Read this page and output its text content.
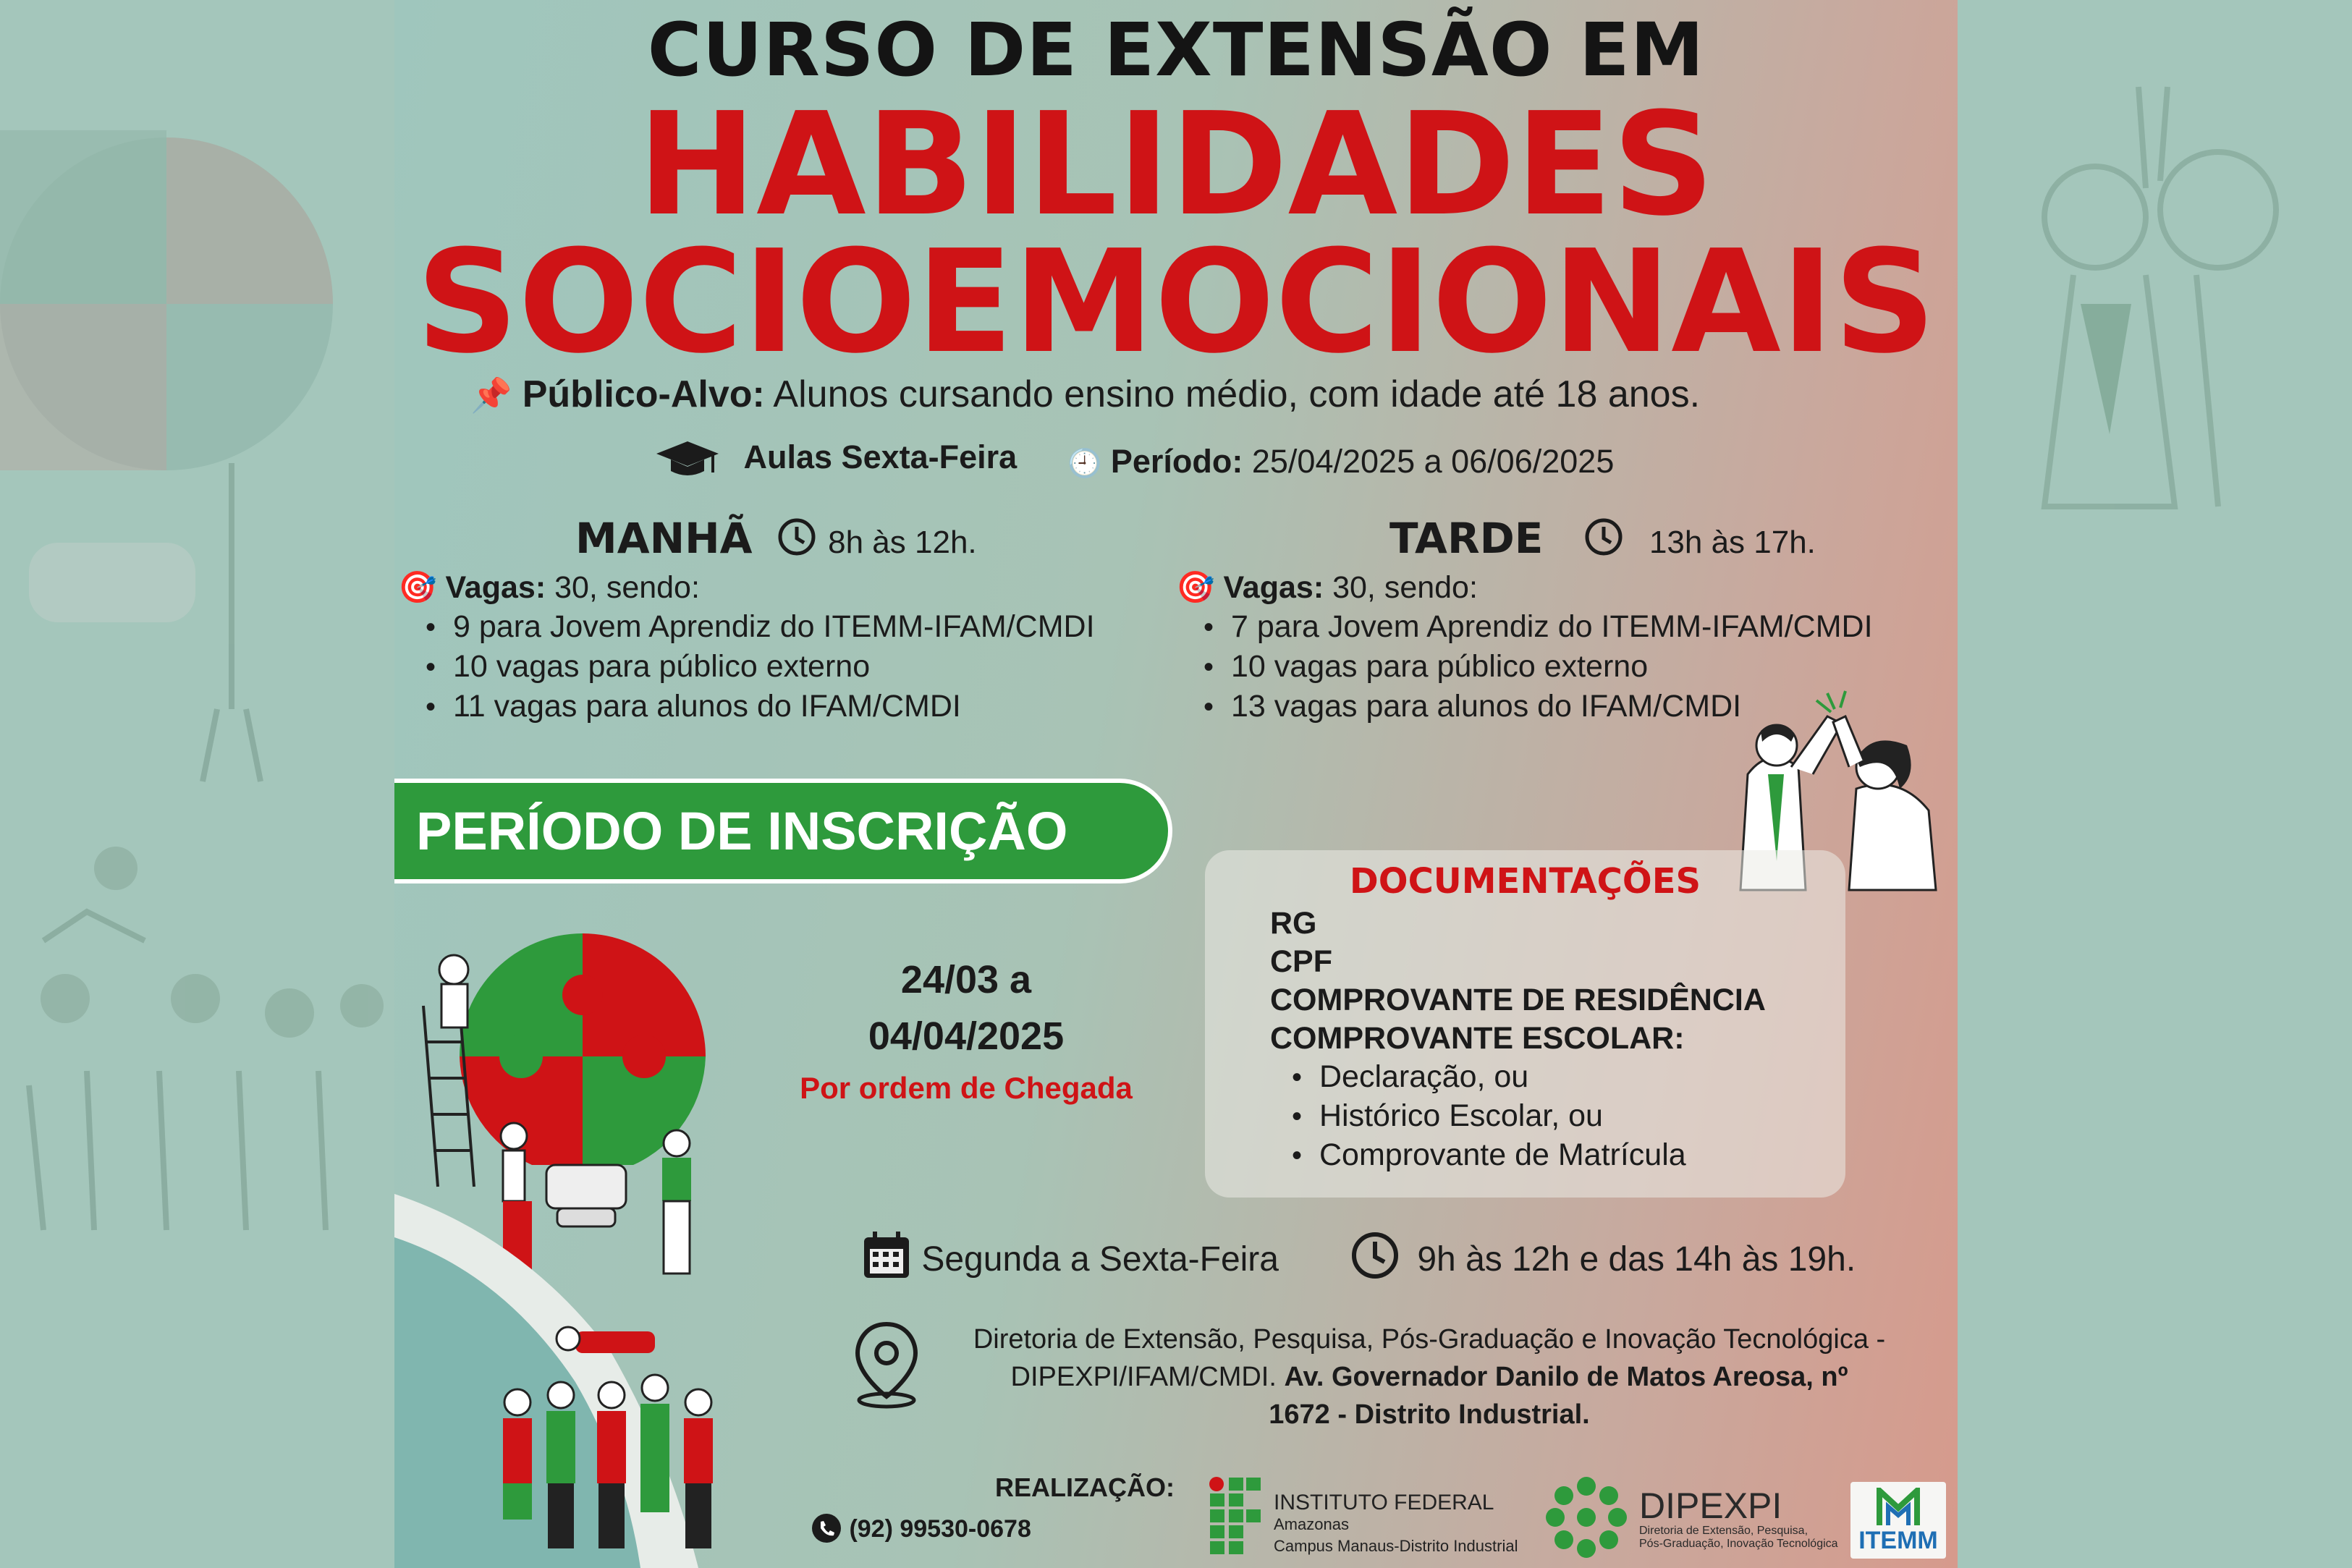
CURSO DE EXTENSÃO EM
HABILIDADES
SOCIOEMOCIONAIS
📌 Público-Alvo: Alunos cursando ensino médio, com idade até 18 anos.
Aulas Sexta-Feira 🕘 Período: 25/04/2025 a 06/06/2025
MANHÃ 8h às 12h.
🎯 Vagas: 30, sendo:
• 9 para Jovem Aprendiz do ITEMM-IFAM/CMDI
• 10 vagas para público externo
• 11 vagas para alunos do IFAM/CMDI
TARDE	13h às 17h.
🎯 Vagas: 30, sendo:
• 7 para Jovem Aprendiz do ITEMM-IFAM/CMDI
• 10 vagas para público externo
• 13 vagas para alunos do IFAM/CMDI
PERÍODO DE INSCRIÇÃO
DOCUMENTAÇÕES
RG
CPF
COMPROVANTE DE RESIDÊNCIA
COMPROVANTE ESCOLAR:
• Declaração, ou
• Histórico Escolar, ou
• Comprovante de Matrícula
24/03 a
04/04/2025
Por ordem de Chegada
Segunda a Sexta-Feira	9h às 12h e das 14h às 19h.
Diretoria de Extensão, Pesquisa, Pós-Graduação e Inovação Tecnológica -
DIPEXPI/IFAM/CMDI. Av. Governador Danilo de Matos Areosa, nº
1672 - Distrito Industrial.
REALIZAÇÃO:
(92) 99530-0678
INSTITUTO FEDERAL
Amazonas
Campus Manaus-Distrito Industrial
DIPEXPI
Diretoria de Extensão, Pesquisa,
Pós-Graduação, Inovação Tecnológica ITEMM
